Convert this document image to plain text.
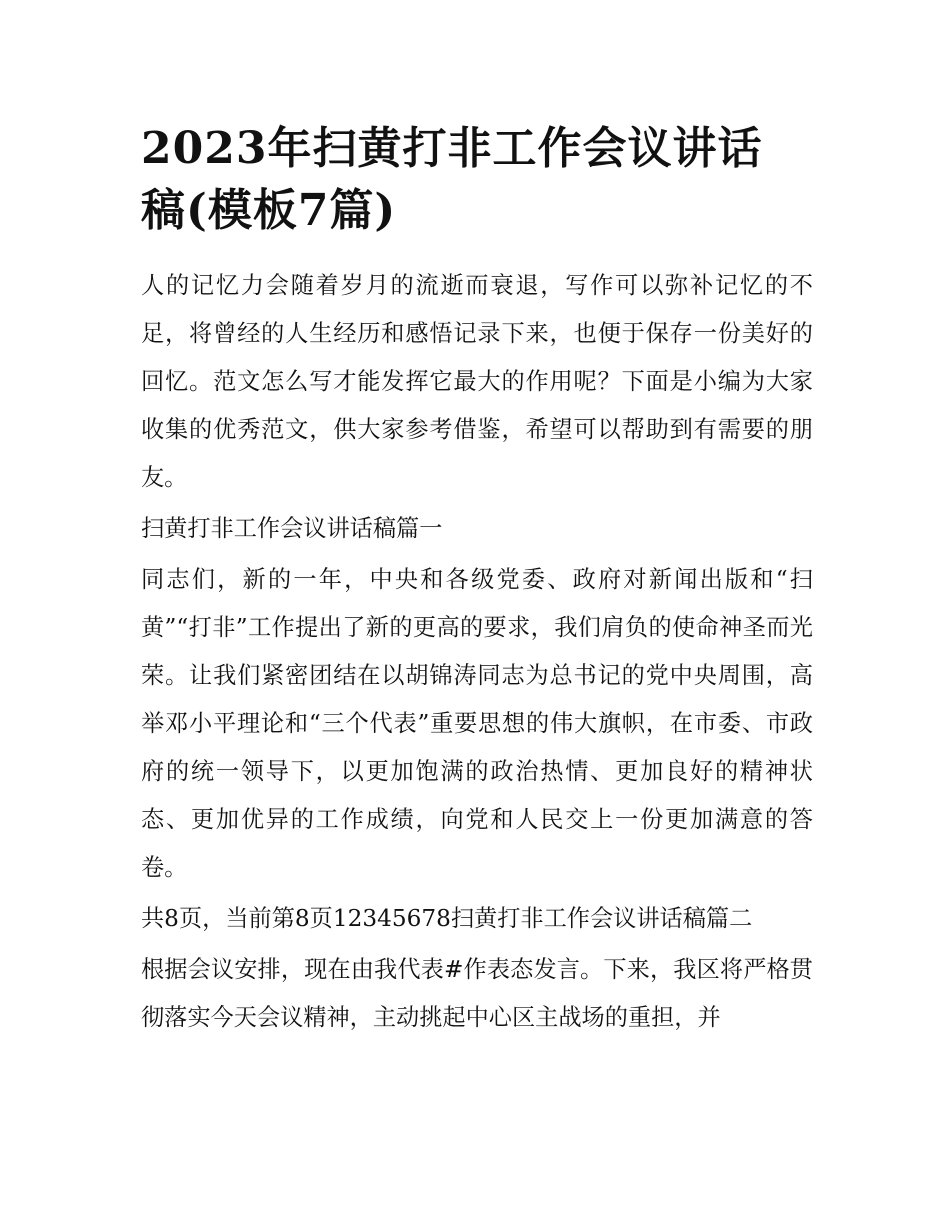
2023年扫黄打非工作会议讲话
稿(模板7篇)

人的记忆力会随着岁月的流逝而衰退，写作可以弥补记忆的不足，将曾经的人生经历和感悟记录下来，也便于保存一份美好的回忆。范文怎么写才能发挥它最大的作用呢？下面是小编为大家收集的优秀范文，供大家参考借鉴，希望可以帮助到有需要的朋友。

扫黄打非工作会议讲话稿篇一

同志们，新的一年，中央和各级党委、政府对新闻出版和“扫黄”“打非”工作提出了新的更高的要求，我们肩负的使命神圣而光荣。让我们紧密团结在以胡锦涛同志为总书记的党中央周围，高举邓小平理论和“三个代表”重要思想的伟大旗帜，在市委、市政府的统一领导下，以更加饱满的政治热情、更加良好的精神状态、更加优异的工作成绩，向党和人民交上一份更加满意的答卷。

共8页，当前第8页12345678扫黄打非工作会议讲话稿篇二

根据会议安排，现在由我代表#作表态发言。下来，我区将严格贯彻落实今天会议精神，主动挑起中心区主战场的重担，并
